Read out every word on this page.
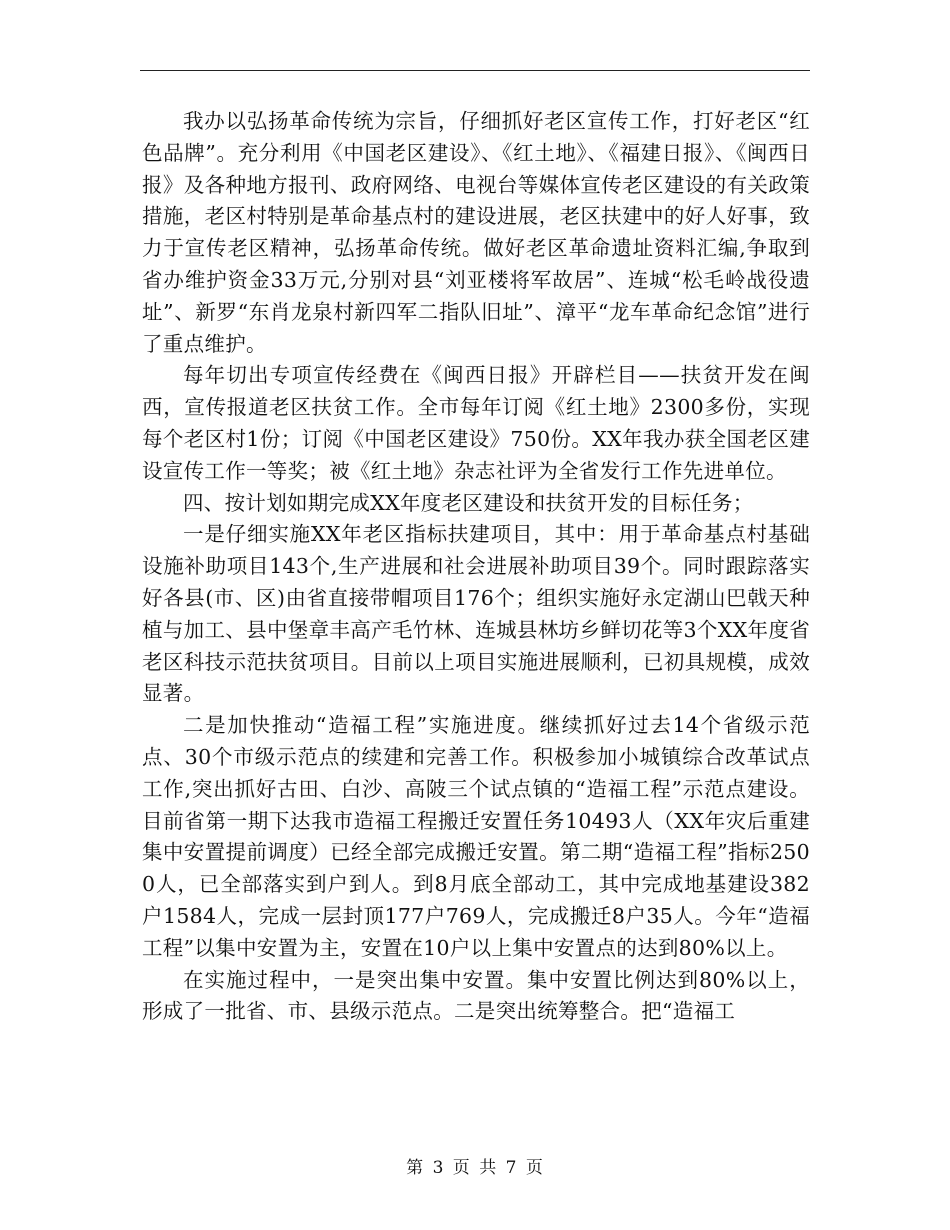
我办以弘扬革命传统为宗旨，仔细抓好老区宣传工作，打好老区“红色品牌”。充分利用《中国老区建设》、《红土地》、《福建日报》、《闽西日报》及各种地方报刊、政府网络、电视台等媒体宣传老区建设的有关政策措施，老区村特别是革命基点村的建设进展，老区扶建中的好人好事，致力于宣传老区精神，弘扬革命传统。做好老区革命遗址资料汇编,争取到省办维护资金33万元,分别对县“刘亚楼将军故居”、连城“松毛岭战役遗址”、新罗“东肖龙泉村新四军二指队旧址”、漳平“龙车革命纪念馆”进行了重点维护。

每年切出专项宣传经费在《闽西日报》开辟栏目——扶贫开发在闽西，宣传报道老区扶贫工作。全市每年订阅《红土地》2300多份，实现每个老区村1份；订阅《中国老区建设》750份。XX年我办获全国老区建设宣传工作一等奖；被《红土地》杂志社评为全省发行工作先进单位。

四、按计划如期完成XX年度老区建设和扶贫开发的目标任务；

一是仔细实施XX年老区指标扶建项目，其中：用于革命基点村基础设施补助项目143个,生产进展和社会进展补助项目39个。同时跟踪落实好各县(市、区)由省直接带帽项目176个；组织实施好永定湖山巴戟天种植与加工、县中堡章丰高产毛竹林、连城县林坊乡鲜切花等3个XX年度省老区科技示范扶贫项目。目前以上项目实施进展顺利，已初具规模，成效显著。

二是加快推动“造福工程”实施进度。继续抓好过去14个省级示范点、30个市级示范点的续建和完善工作。积极参加小城镇综合改革试点工作,突出抓好古田、白沙、高陂三个试点镇的“造福工程”示范点建设。目前省第一期下达我市造福工程搬迁安置任务10493人（XX年灾后重建集中安置提前调度）已经全部完成搬迁安置。第二期“造福工程”指标2500人，已全部落实到户到人。到8月底全部动工，其中完成地基建设382户1584人，完成一层封顶177户769人，完成搬迁8户35人。今年“造福工程”以集中安置为主，安置在10户以上集中安置点的达到80%以上。

在实施过程中，一是突出集中安置。集中安置比例达到80%以上，形成了一批省、市、县级示范点。二是突出统筹整合。把“造福工

第 3 页 共 7 页
